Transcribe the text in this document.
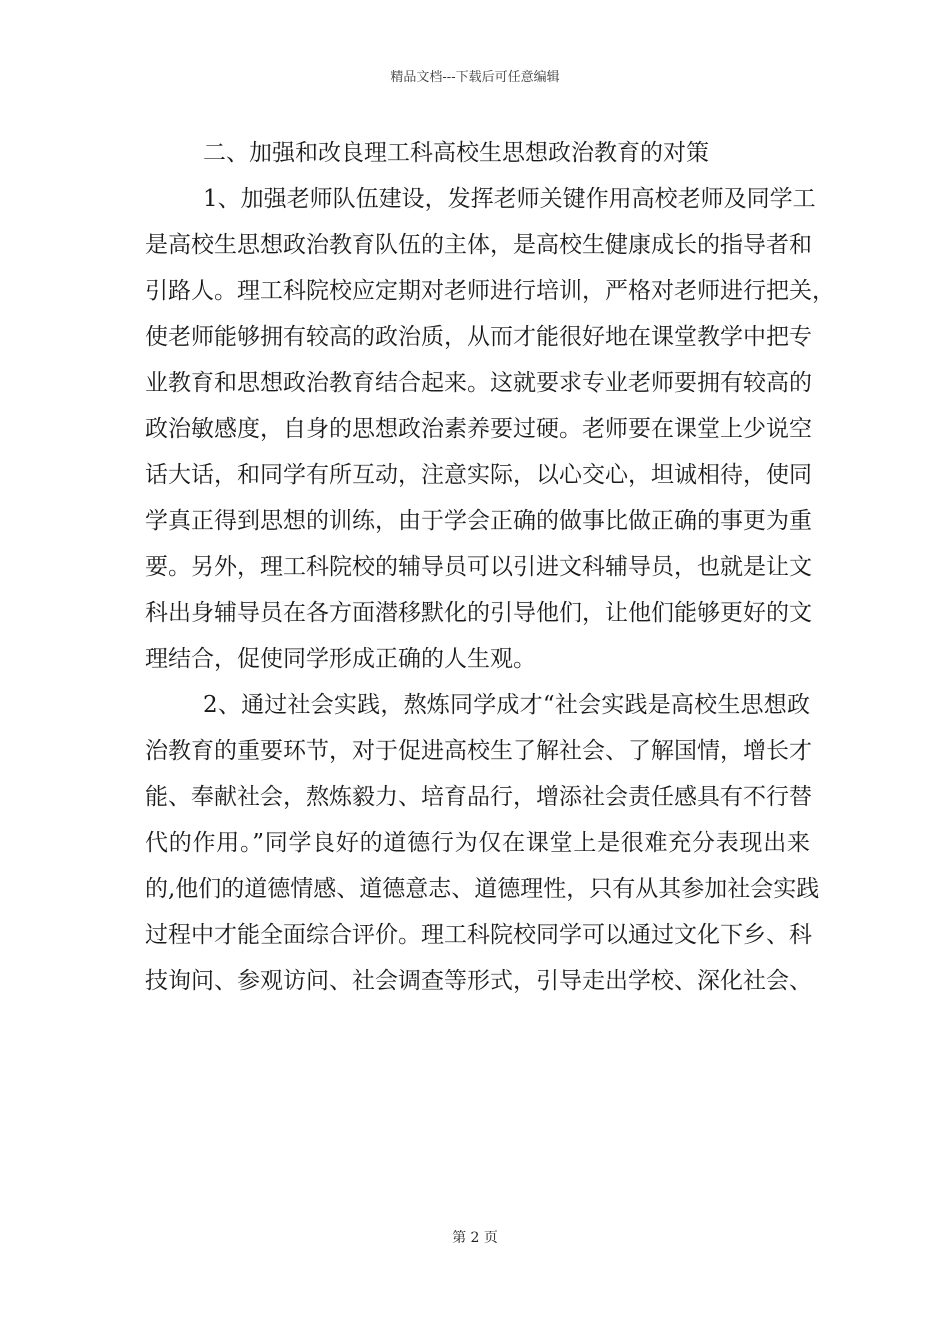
精品文档---下载后可任意编辑
二、加强和改良理工科高校生思想政治教育的对策
1、加强老师队伍建设，发挥老师关键作用高校老师及同学工
是高校生思想政治教育队伍的主体，是高校生健康成长的指导者和
引路人。理工科院校应定期对老师进行培训，严格对老师进行把关，
使老师能够拥有较高的政治质，从而才能很好地在课堂教学中把专
业教育和思想政治教育结合起来。这就要求专业老师要拥有较高的
政治敏感度，自身的思想政治素养要过硬。老师要在课堂上少说空
话大话，和同学有所互动，注意实际，以心交心，坦诚相待，使同
学真正得到思想的训练，由于学会正确的做事比做正确的事更为重
要。另外，理工科院校的辅导员可以引进文科辅导员，也就是让文
科出身辅导员在各方面潜移默化的引导他们，让他们能够更好的文
理结合，促使同学形成正确的人生观。
2、通过社会实践，熬炼同学成才“社会实践是高校生思想政
治教育的重要环节，对于促进高校生了解社会、了解国情，增长才
能、奉献社会，熬炼毅力、培育品行，增添社会责任感具有不行替
代的作用。”同学良好的道德行为仅在课堂上是很难充分表现出来
的,他们的道德情感、道德意志、道德理性，只有从其参加社会实践
过程中才能全面综合评价。理工科院校同学可以通过文化下乡、科
技询问、参观访问、社会调查等形式，引导走出学校、深化社会、
第 2 页
